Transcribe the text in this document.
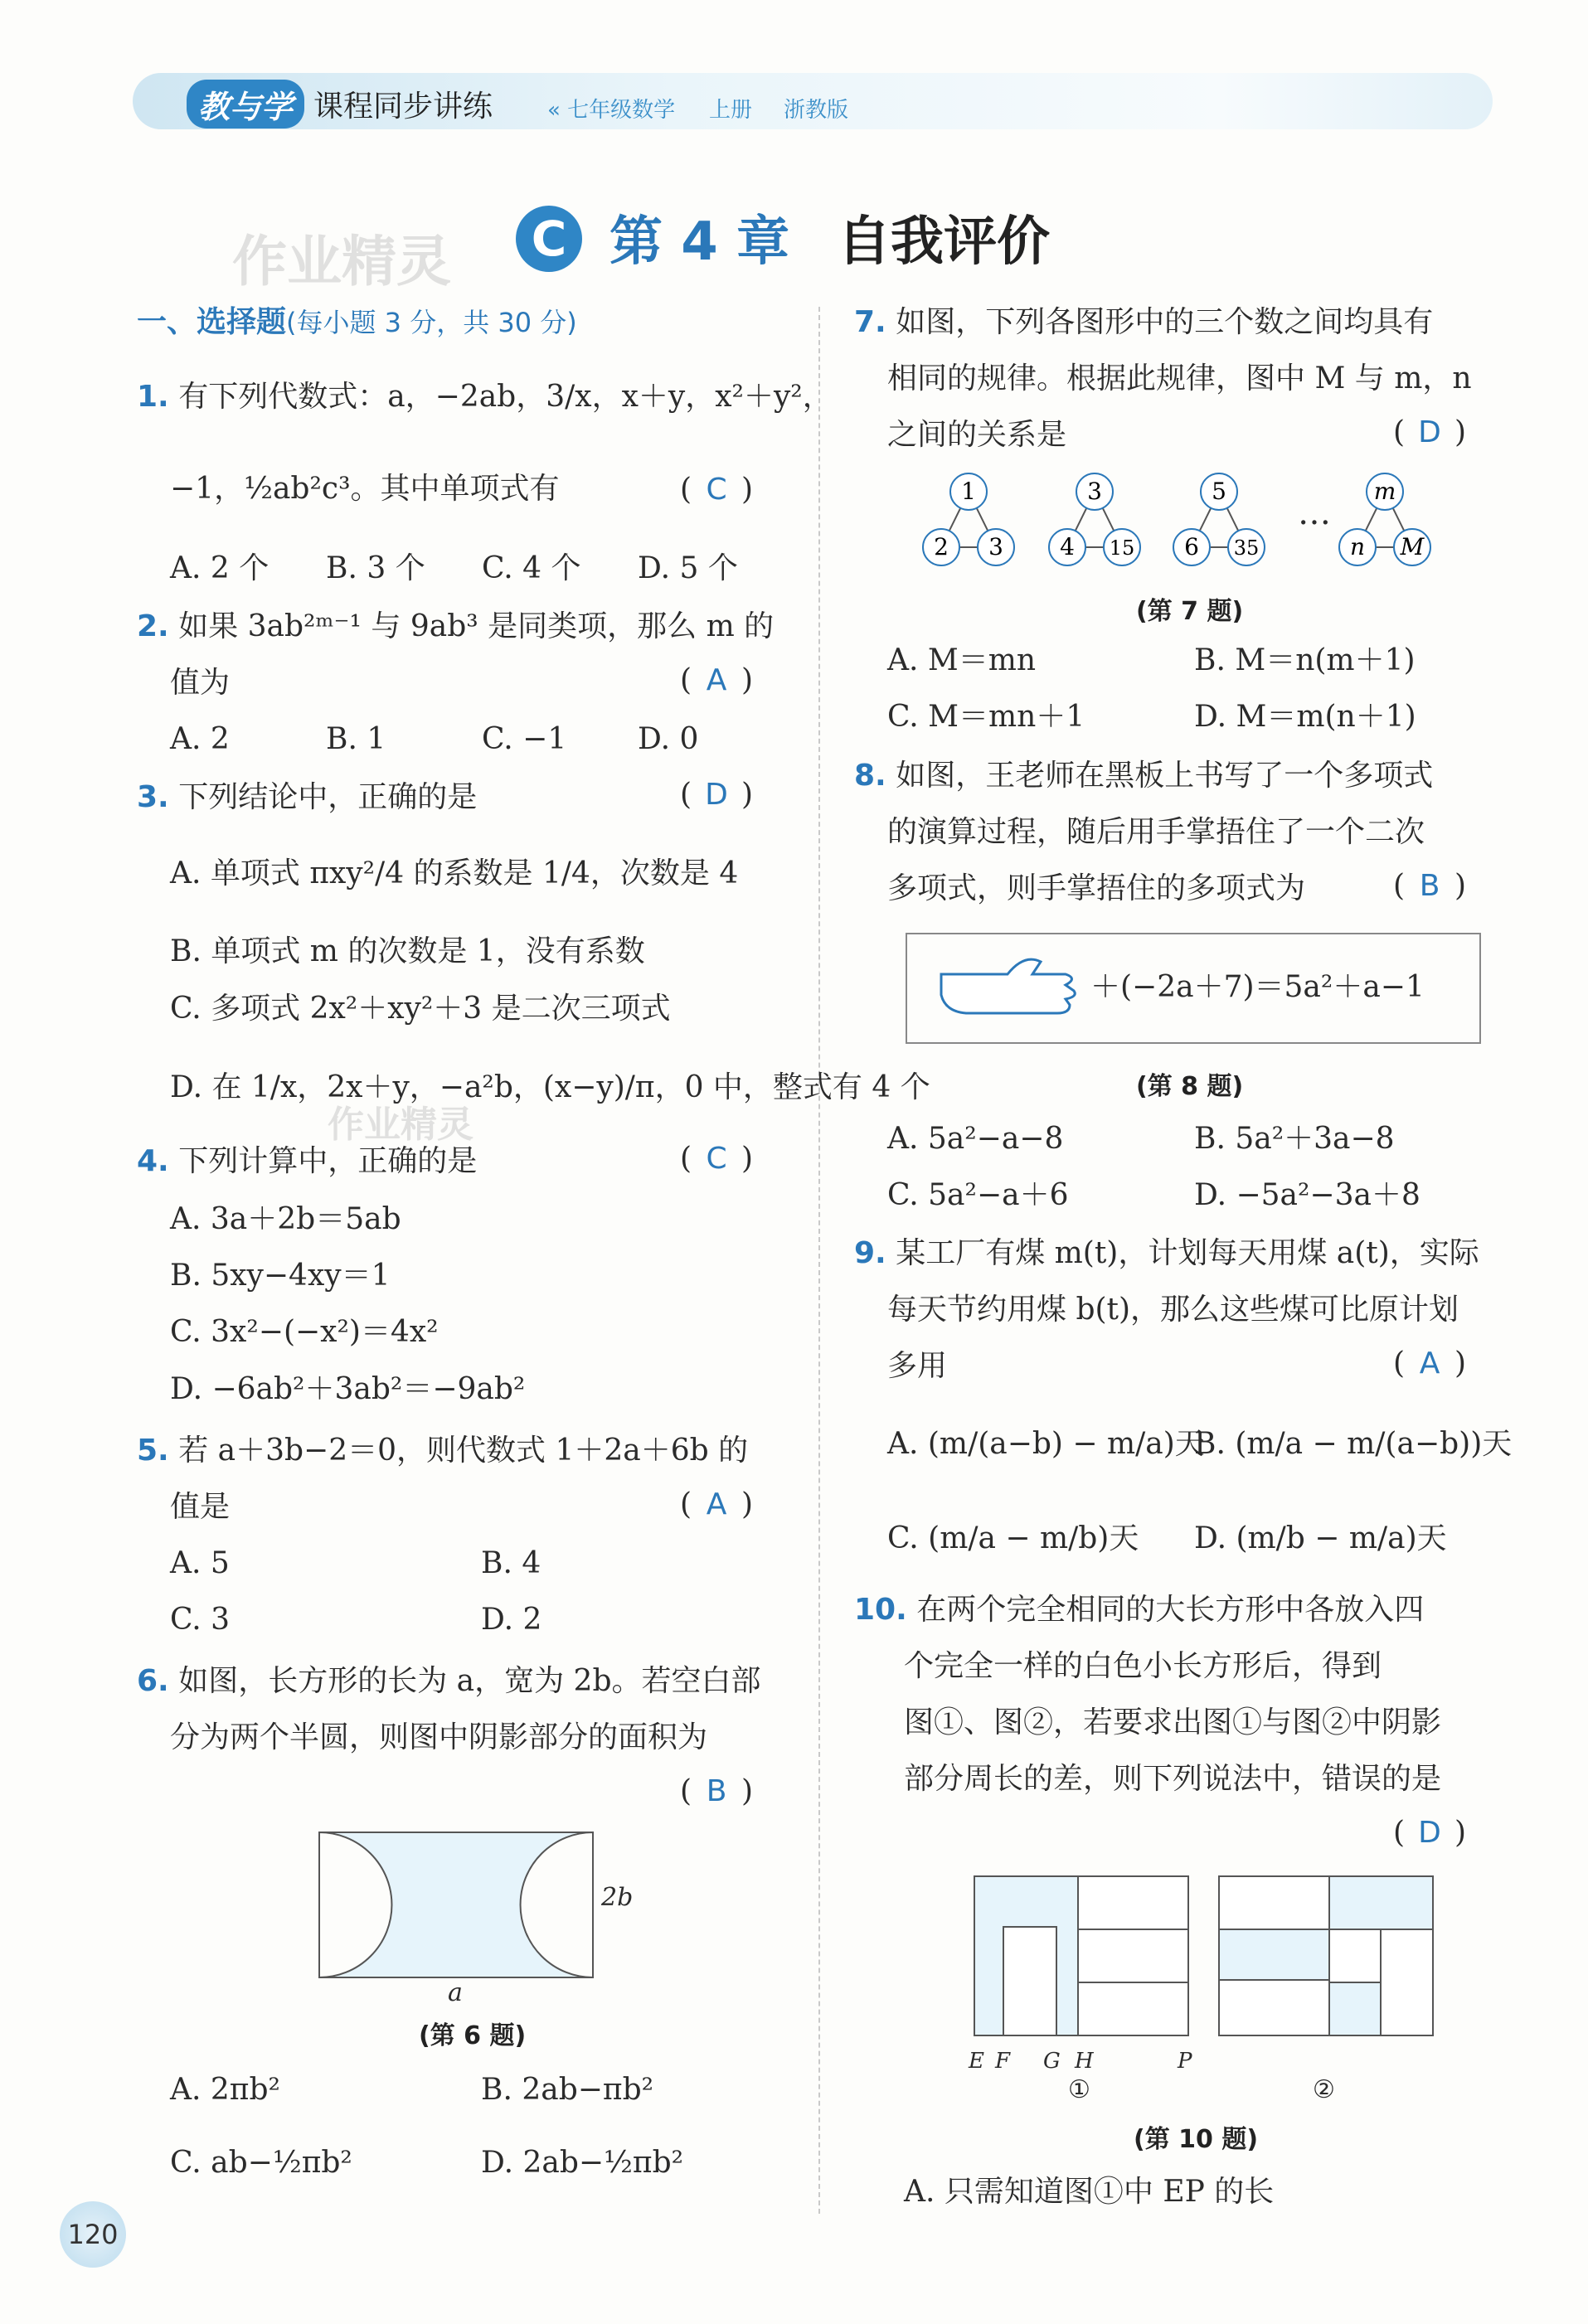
教与学 课程同步讲练	« 七年级数学 上册 浙教版
作业精灵	C 第 4 章 自我评价
一、选择题(每小题 3 分，共 30 分)
1. 有下列代数式：a，−2ab，3/x，x＋y，x²＋y²，
−1，½ab²c³。其中单项式有	( C )
A. 2 个 B. 3 个 C. 4 个 D. 5 个
2. 如果 3ab²ᵐ⁻¹ 与 9ab³ 是同类项，那么 m 的
值为	( A )
A. 2	B. 1	C. −1 D. 0
3. 下列结论中，正确的是	( D )
A. 单项式 πxy²/4 的系数是 1/4，次数是 4
B. 单项式 m 的次数是 1，没有系数
C. 多项式 2x²＋xy²＋3 是二次三项式
D. 在 1/x，2x＋y，−a²b，(x−y)/π，0 中，整式有 4 个
作业精灵
4. 下列计算中，正确的是	( C )
A. 3a＋2b＝5ab
B. 5xy−4xy＝1
C. 3x²−(−x²)＝4x²
D. −6ab²＋3ab²＝−9ab²
5. 若 a＋3b−2＝0，则代数式 1＋2a＋6b 的
值是	( A )
A. 5	B. 4
C. 3	D. 2
6. 如图，长方形的长为 a，宽为 2b。若空白部
分为两个半圆，则图中阴影部分的面积为
( B )
2b
a
(第 6 题)
A. 2πb²	B. 2ab−πb²
C. ab−½πb²	D. 2ab−½πb²
7. 如图，下列各图形中的三个数之间均具有
相同的规律。根据此规律，图中 M 与 m，n
之间的关系是	( D )
1
2 3
3
4 15
5
6 35
m
n M
…
(第 7 题)
A. M＝mn	B. M＝n(m＋1)
C. M＝mn＋1	D. M＝m(n＋1)
8. 如图，王老师在黑板上书写了一个多项式
的演算过程，随后用手掌捂住了一个二次
多项式，则手掌捂住的多项式为	( B )
＋(−2a＋7)＝5a²＋a−1
(第 8 题)
A. 5a²−a−8	B. 5a²＋3a−8
C. 5a²−a＋6	D. −5a²−3a＋8
9. 某工厂有煤 m(t)，计划每天用煤 a(t)，实际
每天节约用煤 b(t)，那么这些煤可比原计划
多用	( A )
A. (m/(a−b) − m/a)天
B. (m/a − m/(a−b))天
C. (m/a − m/b)天 D. (m/b − m/a)天
10. 在两个完全相同的大长方形中各放入四
个完全一样的白色小长方形后，得到
图①、图②，若要求出图①与图②中阴影
部分周长的差，则下列说法中，错误的是
( D )
E F G H	P
①	②
(第 10 题)
A. 只需知道图①中 EP 的长
120
